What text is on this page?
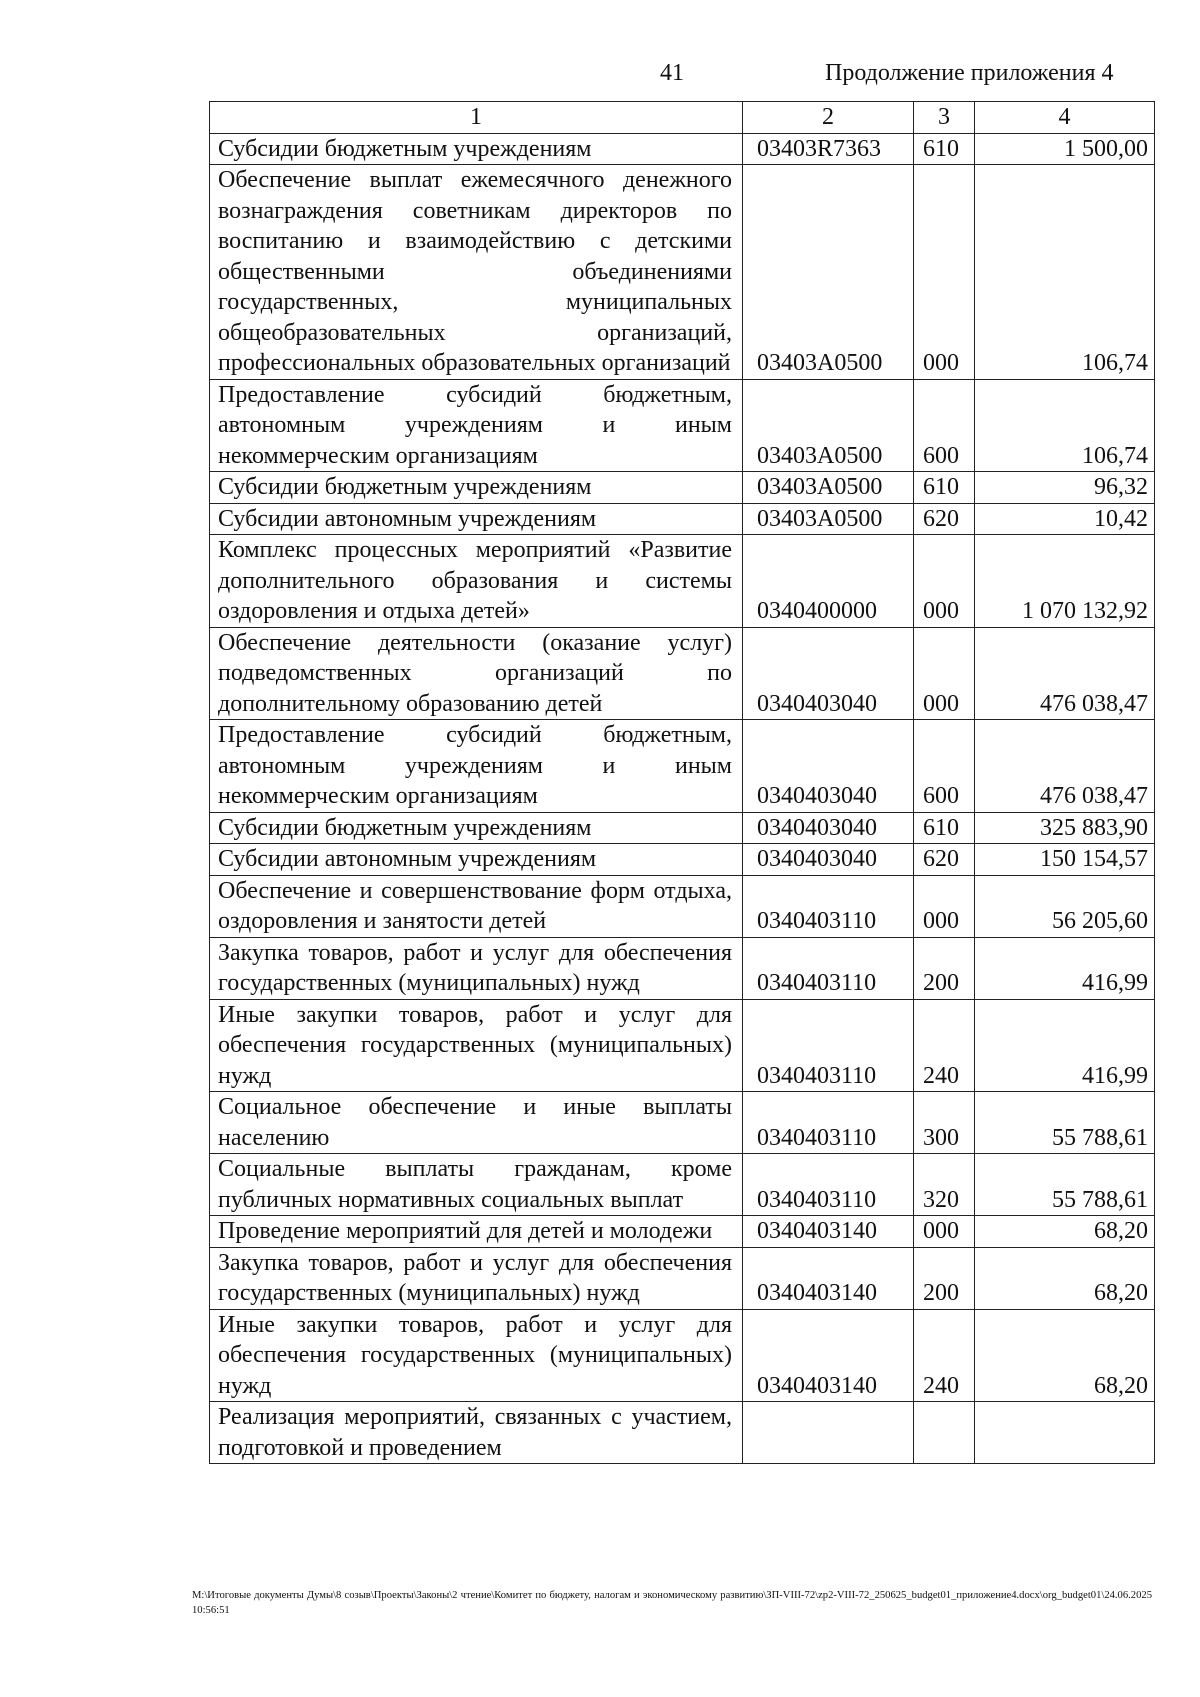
41	Продолжение приложения 4
1	2	3	4
Субсидии бюджетным учреждениям	03403R7363	610	1 500,00
Обеспечение выплат ежемесячного денежного вознаграждения советникам директоров по воспитанию и взаимодействию с детскими общественными объединениями государственных, муниципальных общеобразовательных организаций, профессиональных образовательных организаций	03403А0500	000	106,74
Предоставление субсидий бюджетным, автономным учреждениям и иным некоммерческим организациям	03403А0500	600	106,74
Субсидии бюджетным учреждениям	03403А0500	610	96,32
Субсидии автономным учреждениям	03403А0500	620	10,42
Комплекс процессных мероприятий «Развитие дополнительного образования и системы оздоровления и отдыха детей»	0340400000	000	1 070 132,92
Обеспечение деятельности (оказание услуг) подведомственных организаций по дополнительному образованию детей	0340403040	000	476 038,47
Предоставление субсидий бюджетным, автономным учреждениям и иным некоммерческим организациям	0340403040	600	476 038,47
Субсидии бюджетным учреждениям	0340403040	610	325 883,90
Субсидии автономным учреждениям	0340403040	620	150 154,57
Обеспечение и совершенствование форм отдыха, оздоровления и занятости детей	0340403110	000	56 205,60
Закупка товаров, работ и услуг для обеспечения государственных (муниципальных) нужд	0340403110	200	416,99
Иные закупки товаров, работ и услуг для обеспечения государственных (муниципальных) нужд	0340403110	240	416,99
Социальное обеспечение и иные выплаты населению	0340403110	300	55 788,61
Социальные выплаты гражданам, кроме публичных нормативных социальных выплат	0340403110	320	55 788,61
Проведение мероприятий для детей и молодежи	0340403140	000	68,20
Закупка товаров, работ и услуг для обеспечения государственных (муниципальных) нужд	0340403140	200	68,20
Иные закупки товаров, работ и услуг для обеспечения государственных (муниципальных) нужд	0340403140	240	68,20
Реализация мероприятий, связанных с участием, подготовкой и проведением			
М:\Итоговые документы Думы\8 созыв\Проекты\Законы\2 чтение\Комитет по бюджету, налогам и экономическому развитию\ЗП-VIII-72\zp2-VIII-72_250625_budget01_приложение4.docx\org_budget01\24.06.2025 10:56:51
